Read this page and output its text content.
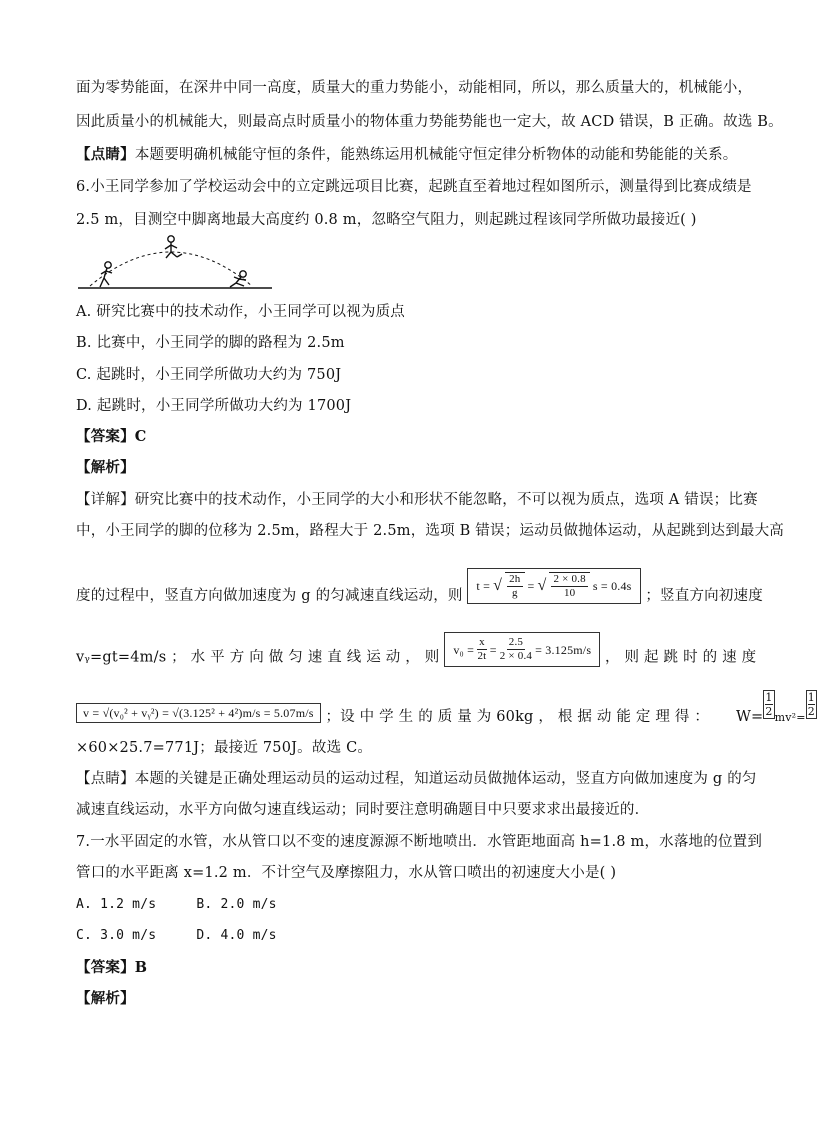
面为零势能面，在深井中同一高度，质量大的重力势能小，动能相同，所以，那么质量大的，机械能小，
因此质量小的机械能大，则最高点时质量小的物体重力势能势能也一定大，故 ACD 错误，B 正确。故选 B。
【点睛】本题要明确机械能守恒的条件，能熟练运用机械能守恒定律分析物体的动能和势能能的关系。
6.小王同学参加了学校运动会中的立定跳远项目比赛，起跳直至着地过程如图所示，测量得到比赛成绩是
2.5 m，目测空中脚离地最大高度约 0.8 m，忽略空气阻力，则起跳过程该同学所做功最接近( )
A. 研究比赛中的技术动作，小王同学可以视为质点
B. 比赛中，小王同学的脚的路程为 2.5m
C. 起跳时，小王同学所做功大约为 750J
D. 起跳时，小王同学所做功大约为 1700J
【答案】C
【解析】
【详解】研究比赛中的技术动作，小王同学的大小和形状不能忽略，不可以视为质点，选项 A 错误；比赛
中，小王同学的脚的位移为 2.5m，路程大于 2.5m，选项 B 错误；运动员做抛体运动，从起跳到达到最大高
度的过程中，竖直方向做加速度为 g 的匀减速直线运动，则
t = √ $\frac{2h}{g}$ = √ $\frac{2 \times 0.8}{10}$ s = 0.4s
；竖直方向初速度
vᵧ=gt=4m/s ； 水 平 方 向 做 匀 速 直 线 运 动 ， 则 $v_0 = \frac{x}{2t} = \frac{2.5}{2 \times 0.4} = 3.125m/s$ ， 则 起 跳 时 的 速 度
v = √(v₀² + vᵧ²) = √(3.125² + 4²)m/s = 5.07m/s ；设 中 学 生 的 质 量 为 60kg ， 根 据 动 能 定 理 得 ： $W= \frac{1}{2} mv^2= \frac{1}{2}$
×60×25.7=771J；最接近 750J。故选 C。
【点睛】本题的关键是正确处理运动员的运动过程，知道运动员做抛体运动，竖直方向做加速度为 g 的匀
减速直线运动，水平方向做匀速直线运动；同时要注意明确题目中只要求求出最接近的．
7.一水平固定的水管，水从管口以不变的速度源源不断地喷出．水管距地面高 h=1.8 m，水落地的位置到
管口的水平距离 x=1.2 m．不计空气及摩擦阻力，水从管口喷出的初速度大小是( )
A. 1.2 m/s     B. 2.0 m/s
C. 3.0 m/s     D. 4.0 m/s
【答案】B
【解析】
